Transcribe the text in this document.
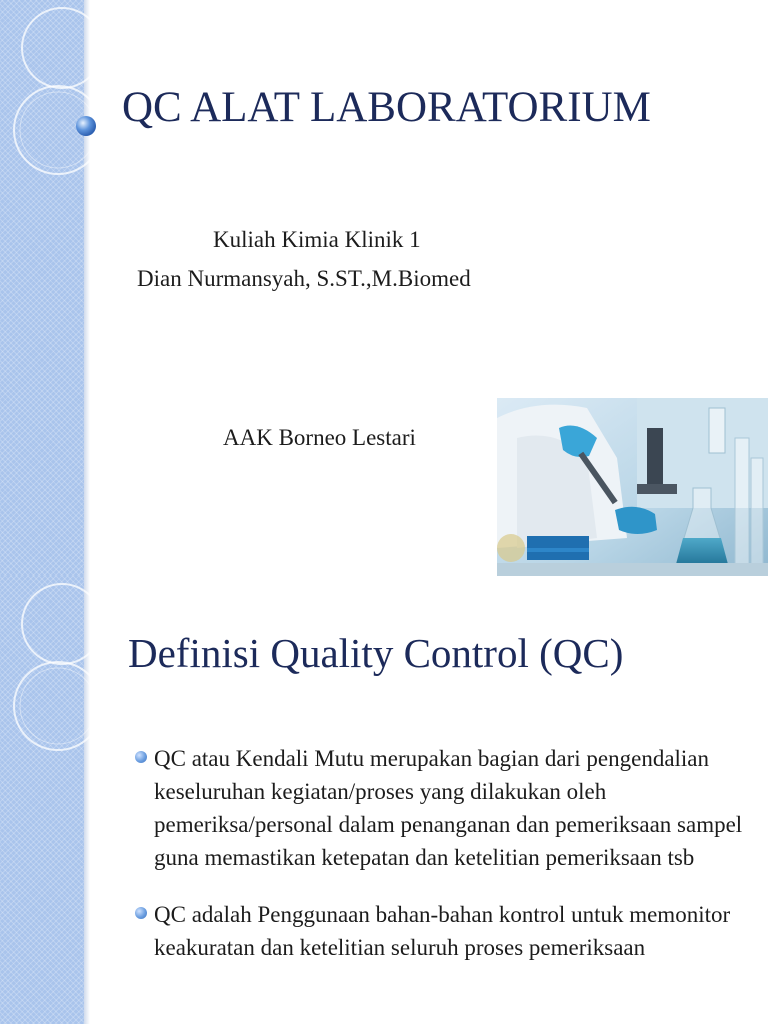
QC ALAT LABORATORIUM
Kuliah Kimia Klinik 1
Dian Nurmansyah, S.ST.,M.Biomed
AAK Borneo Lestari
Definisi Quality Control (QC)
QC atau Kendali Mutu merupakan bagian dari pengendalian keseluruhan kegiatan/proses yang dilakukan oleh pemeriksa/personal dalam penanganan dan pemeriksaan sampel guna memastikan ketepatan dan ketelitian pemeriksaan tsb
QC adalah Penggunaan bahan-bahan kontrol untuk memonitor keakuratan dan ketelitian seluruh proses pemeriksaan
